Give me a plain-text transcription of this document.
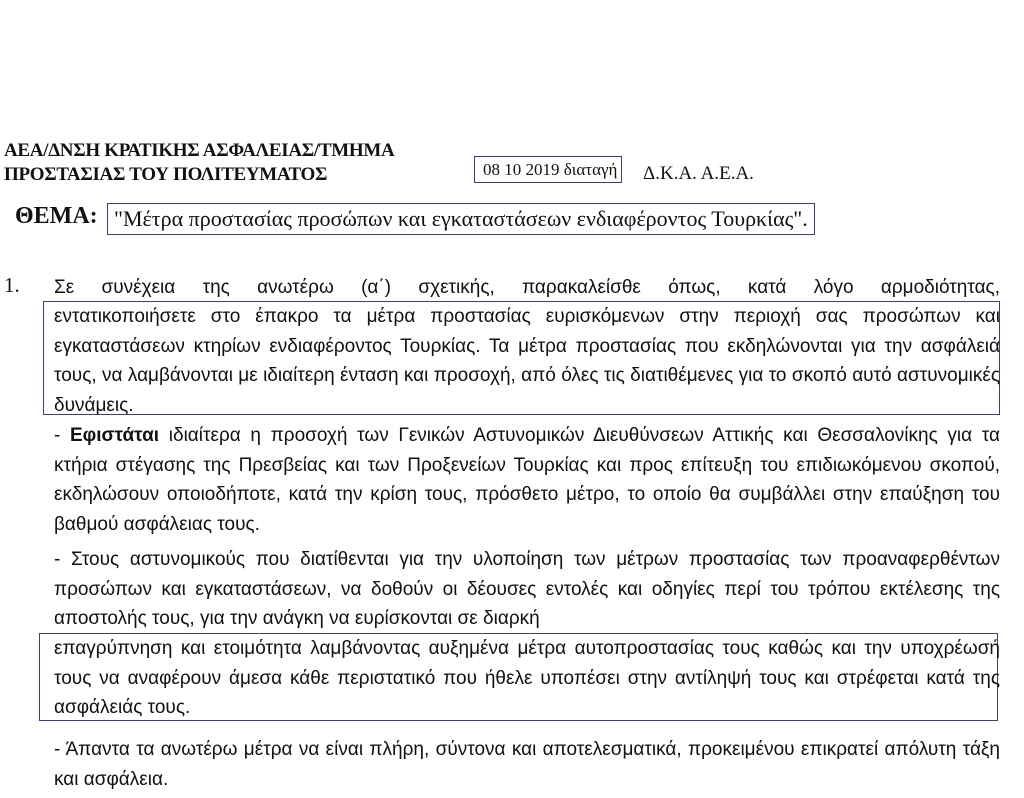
ΑΕΑ/ΔΝΣΗ ΚΡΑΤΙΚΗΣ ΑΣΦΑΛΕΙΑΣ/ΤΜΗΜΑ
ΠΡΟΣΤΑΣΙΑΣ ΤΟΥ ΠΟΛΙΤΕΥΜΑΤΟΣ	08 10 2019 διαταγή Δ.Κ.Α. Α.Ε.Α.
ΘΕΜΑ: "Μέτρα προστασίας προσώπων και εγκαταστάσεων ενδιαφέροντος Τουρκίας".
1. Σε συνέχεια της ανωτέρω (α΄) σχετικής, παρακαλείσθε όπως, κατά λόγο αρμοδιότητας,
εντατικοποιήσετε στο έπακρο τα μέτρα προστασίας ευρισκόμενων στην περιοχή σας προσώπων και εγκαταστάσεων κτηρίων ενδιαφέροντος Τουρκίας. Τα μέτρα προστασίας που εκδηλώνονται για την ασφάλειά τους, να λαμβάνονται με ιδιαίτερη ένταση και προσοχή, από όλες τις διατιθέμενες για το σκοπό αυτό αστυνομικές δυνάμεις.
- Εφιστάται ιδιαίτερα η προσοχή των Γενικών Αστυνομικών Διευθύνσεων Αττικής και Θεσσαλονίκης για τα κτήρια στέγασης της Πρεσβείας και των Προξενείων Τουρκίας και προς επίτευξη του επιδιωκόμενου σκοπού, εκδηλώσουν οποιοδήποτε, κατά την κρίση τους, πρόσθετο μέτρο, το οποίο θα συμβάλλει στην επαύξηση του βαθμού ασφάλειας τους.
- Στους αστυνομικούς που διατίθενται για την υλοποίηση των μέτρων προστασίας των προαναφερθέντων προσώπων και εγκαταστάσεων, να δοθούν οι δέουσες εντολές και οδηγίες περί του τρόπου εκτέλεσης της αποστολής τους, για την ανάγκη να ευρίσκονται σε διαρκή
επαγρύπνηση και ετοιμότητα λαμβάνοντας αυξημένα μέτρα αυτοπροστασίας τους καθώς και την υποχρέωσή τους να αναφέρουν άμεσα κάθε περιστατικό που ήθελε υποπέσει στην αντίληψή τους και στρέφεται κατά της ασφάλειάς τους.
- Άπαντα τα ανωτέρω μέτρα να είναι πλήρη, σύντονα και αποτελεσματικά, προκειμένου επικρατεί απόλυτη τάξη και ασφάλεια.
